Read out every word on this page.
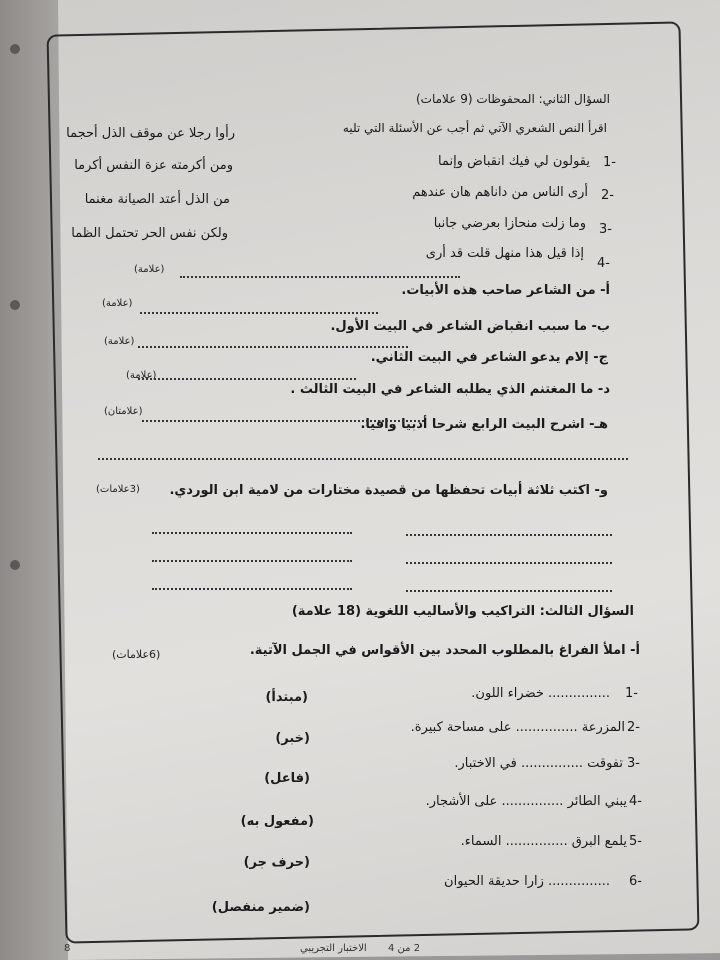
السؤال الثاني: المحفوظات (9 علامات)
اقرأ النص الشعري الآتي ثم أجب عن الأسئلة التي تليه
-1
يقولون لي فيك انقباض وإنما
رأوا رجلا عن موقف الذل أحجما
-2
أرى الناس من داناهم هان عندهم
ومن أكرمته عزة النفس أكرما
-3
وما زلت منحازا بعرضي جانبا
من الذل أعتد الصيانة مغنما
-4
إذا قيل هذا منهل قلت قد أرى
ولكن نفس الحر تحتمل الظما
أ- من الشاعر صاحب هذه الأبيات.
(علامة)
ب- ما سبب انقباض الشاعر في البيت الأول.
(علامة)
ج- إلام يدعو الشاعر في البيت الثاني.
(علامة)
د- ما المغتنم الذي يطلبه الشاعر في البيت الثالث .
(علامة)
هـ- اشرح البيت الرابع شرحا أدبيا وافيا.
(علامتان)
و- اكتب ثلاثة أبيات تحفظها من قصيدة مختارات من لامية ابن الوردي.
(3علامات)
السؤال الثالث: التراكيب والأساليب اللغوية (18 علامة)
أ- املأ الفراغ بالمطلوب المحدد بين الأقواس في الجمل الآتية.
(6علامات)
-1
............... خضراء اللون.
(مبتدأ)
-2
المزرعة ............... على مساحة كبيرة.
(خبر)
-3
تفوقت ............... في الاختبار.
(فاعل)
-4
يبني الطائر ............... على الأشجار.
(مفعول به)
-5
يلمع البرق ............... السماء.
(حرف جر)
-6
............... زارا حديقة الحيوان
(ضمير منفصل)
2 من 4
الاختبار التجريبي
8
